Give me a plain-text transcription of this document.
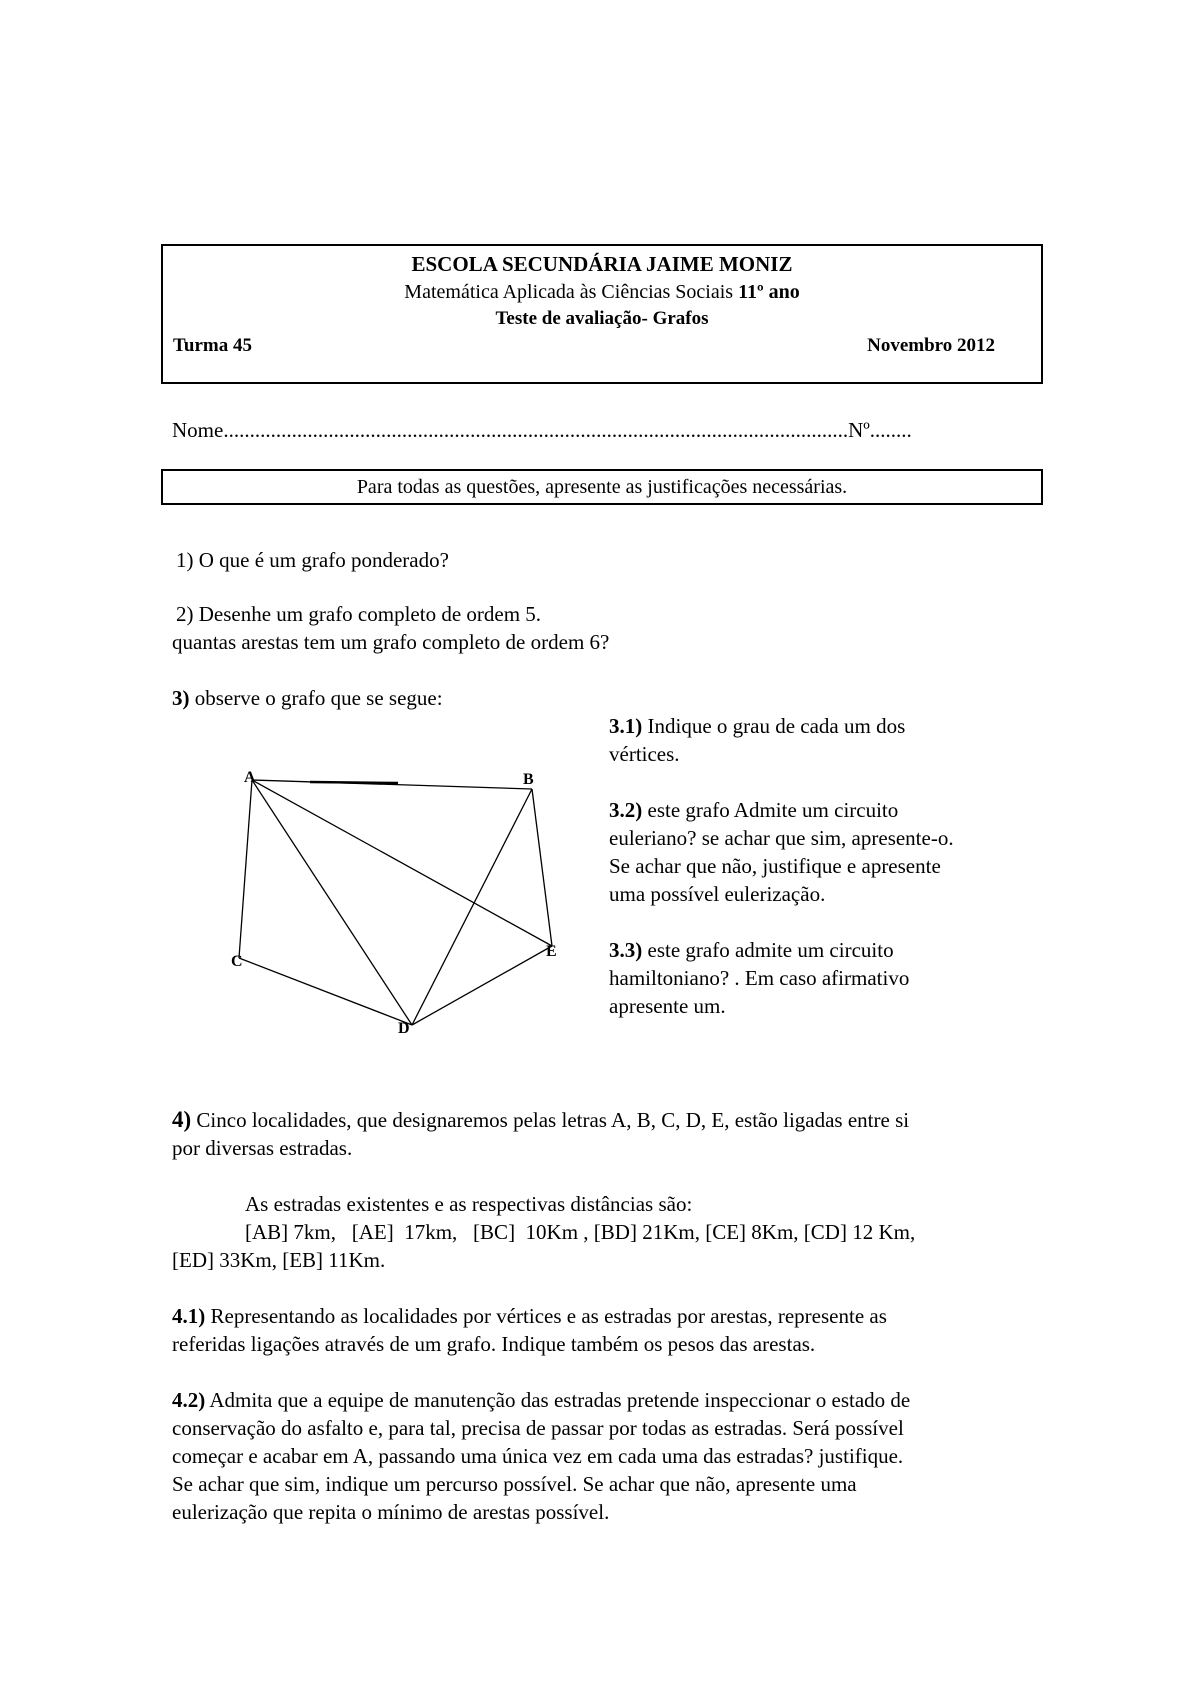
ESCOLA SECUNDÁRIA JAIME MONIZ
Matemática Aplicada às Ciências Sociais 11º ano
Teste de avaliação- Grafos
Turma 45	Novembro 2012
Nome.......................................................................................................................Nº........
Para todas as questões, apresente as justificações necessárias.
1) O que é um grafo ponderado?
2) Desenhe um grafo completo de ordem 5.
quantas arestas tem um grafo completo de ordem 6?
3) observe o grafo que se segue:
3.1) Indique o grau de cada um dos
vértices.
3.2) este grafo Admite um circuito
euleriano? se achar que sim, apresente-o.
Se achar que não, justifique e apresente
uma possível eulerização.
3.3) este grafo admite um circuito
hamiltoniano? . Em caso afirmativo
apresente um.
A	B
C
D
E
4) Cinco localidades, que designaremos pelas letras A, B, C, D, E, estão ligadas entre si
por diversas estradas.
As estradas existentes e as respectivas distâncias são:
[AB] 7km,   [AE]  17km,   [BC]  10Km , [BD] 21Km, [CE] 8Km, [CD] 12 Km,
[ED] 33Km, [EB] 11Km.
4.1) Representando as localidades por vértices e as estradas por arestas, represente as
referidas ligações através de um grafo. Indique também os pesos das arestas.
4.2) Admita que a equipe de manutenção das estradas pretende inspeccionar o estado de
conservação do asfalto e, para tal, precisa de passar por todas as estradas. Será possível
começar e acabar em A, passando uma única vez em cada uma das estradas? justifique.
Se achar que sim, indique um percurso possível. Se achar que não, apresente uma
eulerização que repita o mínimo de arestas possível.
